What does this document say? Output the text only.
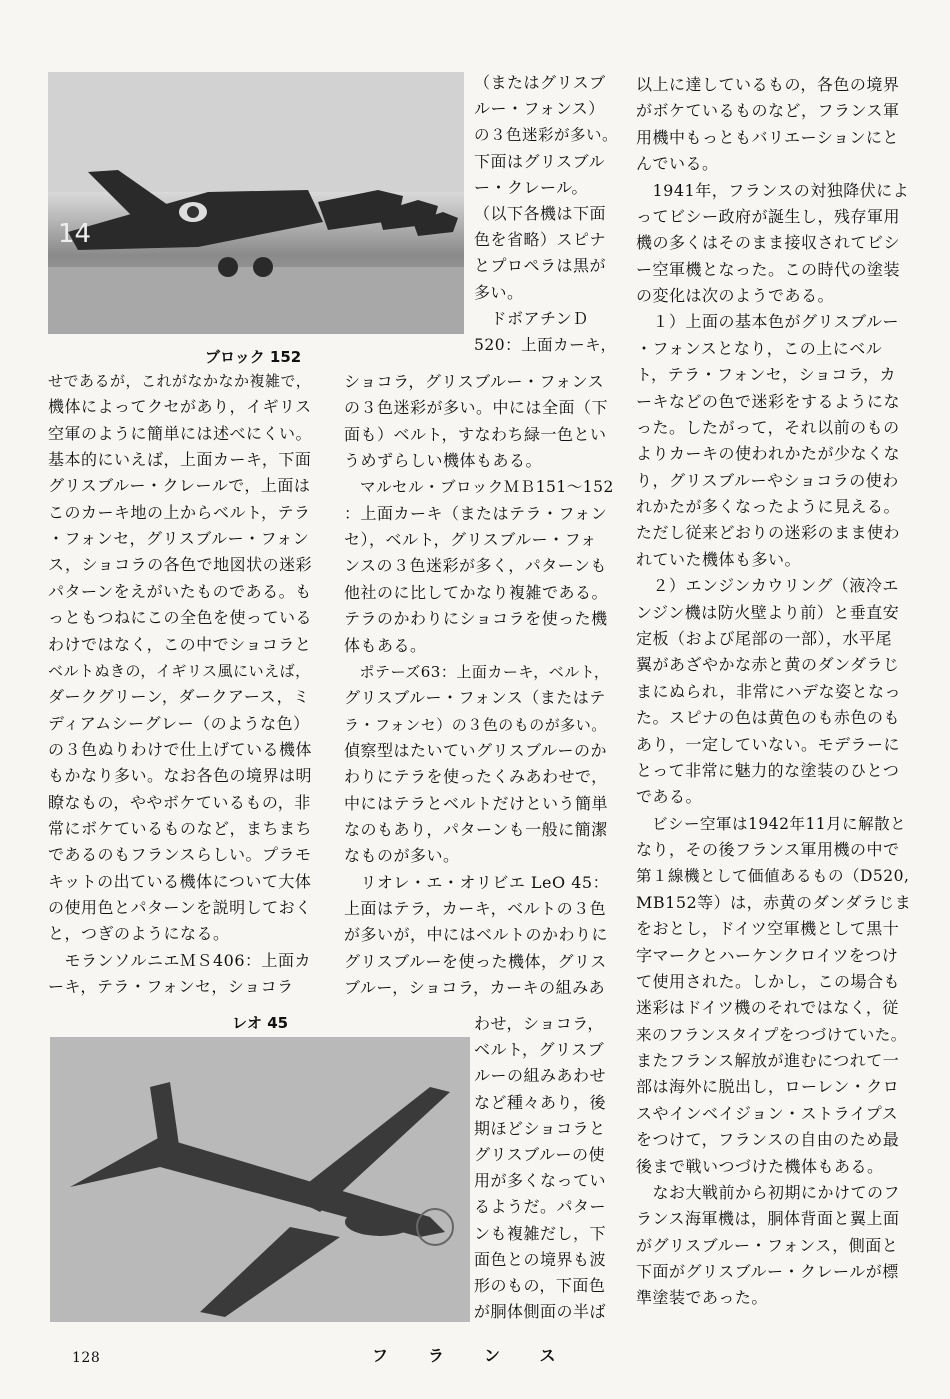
14
ブロック 152
レオ 45
せであるが，これがなかなか複雑で，
機体によってクセがあり，イギリス
空軍のように簡単には述べにくい。
基本的にいえば，上面カーキ，下面
グリスブルー・クレールで，上面は
このカーキ地の上からベルト，テラ
・フォンセ，グリスブルー・フォン
ス，ショコラの各色で地図状の迷彩
パターンをえがいたものである。も
っともつねにこの全色を使っている
わけではなく，この中でショコラと
ベルトぬきの，イギリス風にいえば，
ダークグリーン，ダークアース，ミ
ディアムシーグレー（のような色）
の３色ぬりわけで仕上げている機体
もかなり多い。なお各色の境界は明
瞭なもの，ややボケているもの，非
常にボケているものなど，まちまち
であるのもフランスらしい。プラモ
キットの出ている機体について大体
の使用色とパターンを説明しておく
と，つぎのようになる。
　モランソルニエＭＳ406：上面カ
ーキ，テラ・フォンセ，ショコラ
（またはグリスブ
ルー・フォンス）
の３色迷彩が多い。
下面はグリスブル
ー・クレール。
（以下各機は下面
色を省略）スピナ
とプロペラは黒が
多い。
　ドボアチンＤ
520：上面カーキ，
ショコラ，グリスブルー・フォンス
の３色迷彩が多い。中には全面（下
面も）ベルト，すなわち緑一色とい
うめずらしい機体もある。
　マルセル・ブロックＭＢ151～152
：上面カーキ（またはテラ・フォン
セ），ベルト，グリスブルー・フォ
ンスの３色迷彩が多く，パターンも
他社のに比してかなり複雑である。
テラのかわりにショコラを使った機
体もある。
　ポテーズ63：上面カーキ，ベルト，
グリスブルー・フォンス（またはテ
ラ・フォンセ）の３色のものが多い。
偵察型はたいていグリスブルーのか
わりにテラを使ったくみあわせで，
中にはテラとベルトだけという簡単
なのもあり，パターンも一般に簡潔
なものが多い。
　リオレ・エ・オリビエ LeO 45：
上面はテラ，カーキ，ベルトの３色
が多いが，中にはベルトのかわりに
グリスブルーを使った機体，グリス
ブルー，ショコラ，カーキの組みあ
わせ，ショコラ，
ベルト，グリスブ
ルーの組みあわせ
など種々あり，後
期ほどショコラと
グリスブルーの使
用が多くなってい
るようだ。パター
ンも複雑だし，下
面色との境界も波
形のもの，下面色
が胴体側面の半ば
以上に達しているもの，各色の境界
がボケているものなど，フランス軍
用機中もっともバリエーションにと
んでいる。
　1941年，フランスの対独降伏によ
ってビシー政府が誕生し，残存軍用
機の多くはそのまま接収されてビシ
ー空軍機となった。この時代の塗装
の変化は次のようである。
　１）上面の基本色がグリスブルー
・フォンスとなり，この上にベル
ト，テラ・フォンセ，ショコラ，カ
ーキなどの色で迷彩をするようにな
った。したがって，それ以前のもの
よりカーキの使われかたが少なくな
り，グリスブルーやショコラの使わ
れかたが多くなったように見える。
ただし従来どおりの迷彩のまま使わ
れていた機体も多い。
　２）エンジンカウリング（液冷エ
ンジン機は防火壁より前）と垂直安
定板（および尾部の一部），水平尾
翼があざやかな赤と黄のダンダラじ
まにぬられ，非常にハデな姿となっ
た。スピナの色は黄色のも赤色のも
あり，一定していない。モデラーに
とって非常に魅力的な塗装のひとつ
である。
　ビシー空軍は1942年11月に解散と
なり，その後フランス軍用機の中で
第１線機として価値あるもの（D520,
MB152等）は，赤黄のダンダラじま
をおとし，ドイツ空軍機として黒十
字マークとハーケンクロイツをつけ
て使用された。しかし，この場合も
迷彩はドイツ機のそれではなく，従
来のフランスタイプをつづけていた。
またフランス解放が進むにつれて一
部は海外に脱出し，ローレン・クロ
スやインベイジョン・ストライプス
をつけて，フランスの自由のため最
後まで戦いつづけた機体もある。
　なお大戦前から初期にかけてのフ
ランス海軍機は，胴体背面と翼上面
がグリスブルー・フォンス，側面と
下面がグリスブルー・クレールが標
準塗装であった。
128	フランス
